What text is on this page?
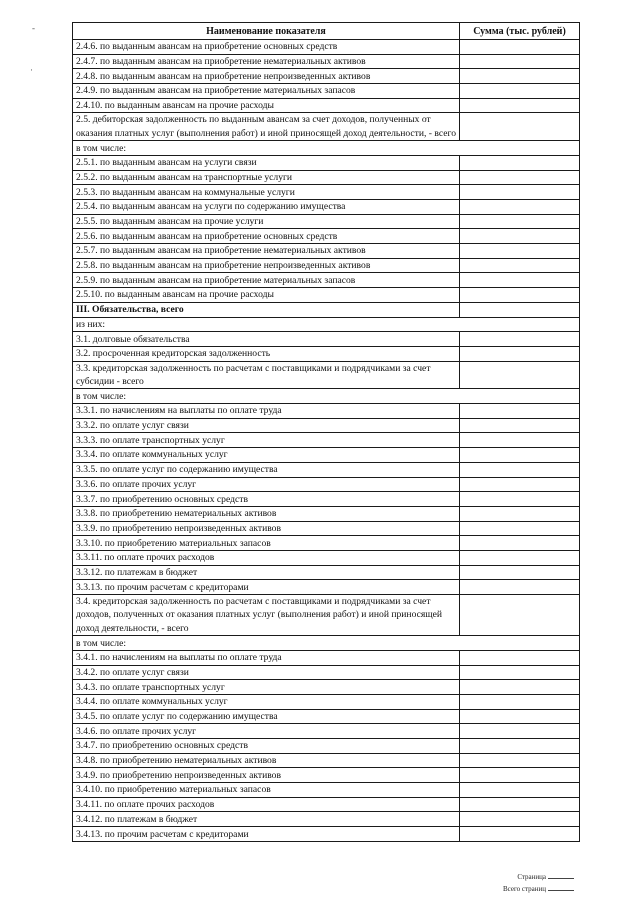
-
·
Наименование показателя	Сумма (тыс. рублей)
2.4.6. по выданным авансам на приобретение основных средств	
2.4.7. по выданным авансам на приобретение нематериальных активов	
2.4.8. по выданным авансам на приобретение непроизведенных активов	
2.4.9. по выданным авансам на приобретение материальных запасов	
2.4.10. по выданным авансам на прочие расходы	
2.5. дебиторская задолженность по выданным авансам за счет доходов, полученных от оказания платных услуг (выполнения работ) и иной приносящей доход деятельности, - всего	
в том числе:	
2.5.1. по выданным авансам на услуги связи	
2.5.2. по выданным авансам на транспортные услуги	
2.5.3. по выданным авансам на коммунальные услуги	
2.5.4. по выданным авансам на услуги по содержанию имущества	
2.5.5. по выданным авансам на прочие услуги	
2.5.6. по выданным авансам на приобретение основных средств	
2.5.7. по выданным авансам на приобретение нематериальных активов	
2.5.8. по выданным авансам на приобретение непроизведенных активов	
2.5.9. по выданным авансам на приобретение материальных запасов	
2.5.10. по выданным авансам на прочие расходы	
III. Обязательства, всего	
из них:	
3.1. долговые обязательства	
3.2. просроченная кредиторская задолженность	
3.3. кредиторская задолженность по расчетам с поставщиками и подрядчиками за счет субсидии - всего	
в том числе:	
3.3.1. по начислениям на выплаты по оплате труда	
3.3.2. по оплате услуг связи	
3.3.3. по оплате транспортных услуг	
3.3.4. по оплате коммунальных услуг	
3.3.5. по оплате услуг по содержанию имущества	
3.3.6. по оплате прочих услуг	
3.3.7. по приобретению основных средств	
3.3.8. по приобретению нематериальных активов	
3.3.9. по приобретению непроизведенных активов	
3.3.10. по приобретению материальных запасов	
3.3.11. по оплате прочих расходов	
3.3.12. по платежам в бюджет	
3.3.13. по прочим расчетам с кредиторами	
3.4. кредиторская задолженность по расчетам с поставщиками и подрядчиками за счет доходов, полученных от оказания платных услуг (выполнения работ) и иной приносящей доход деятельности, - всего	
в том числе:	
3.4.1. по начислениям на выплаты по оплате труда	
3.4.2. по оплате услуг связи	
3.4.3. по оплате транспортных услуг	
3.4.4. по оплате коммунальных услуг	
3.4.5. по оплате услуг по содержанию имущества	
3.4.6. по оплате прочих услуг	
3.4.7. по приобретению основных средств	
3.4.8. по приобретению нематериальных активов	
3.4.9. по приобретению непроизведенных активов	
3.4.10. по приобретению материальных запасов	
3.4.11. по оплате прочих расходов	
3.4.12. по платежам в бюджет	
3.4.13. по прочим расчетам с кредиторами	
Страница
Всего страниц
